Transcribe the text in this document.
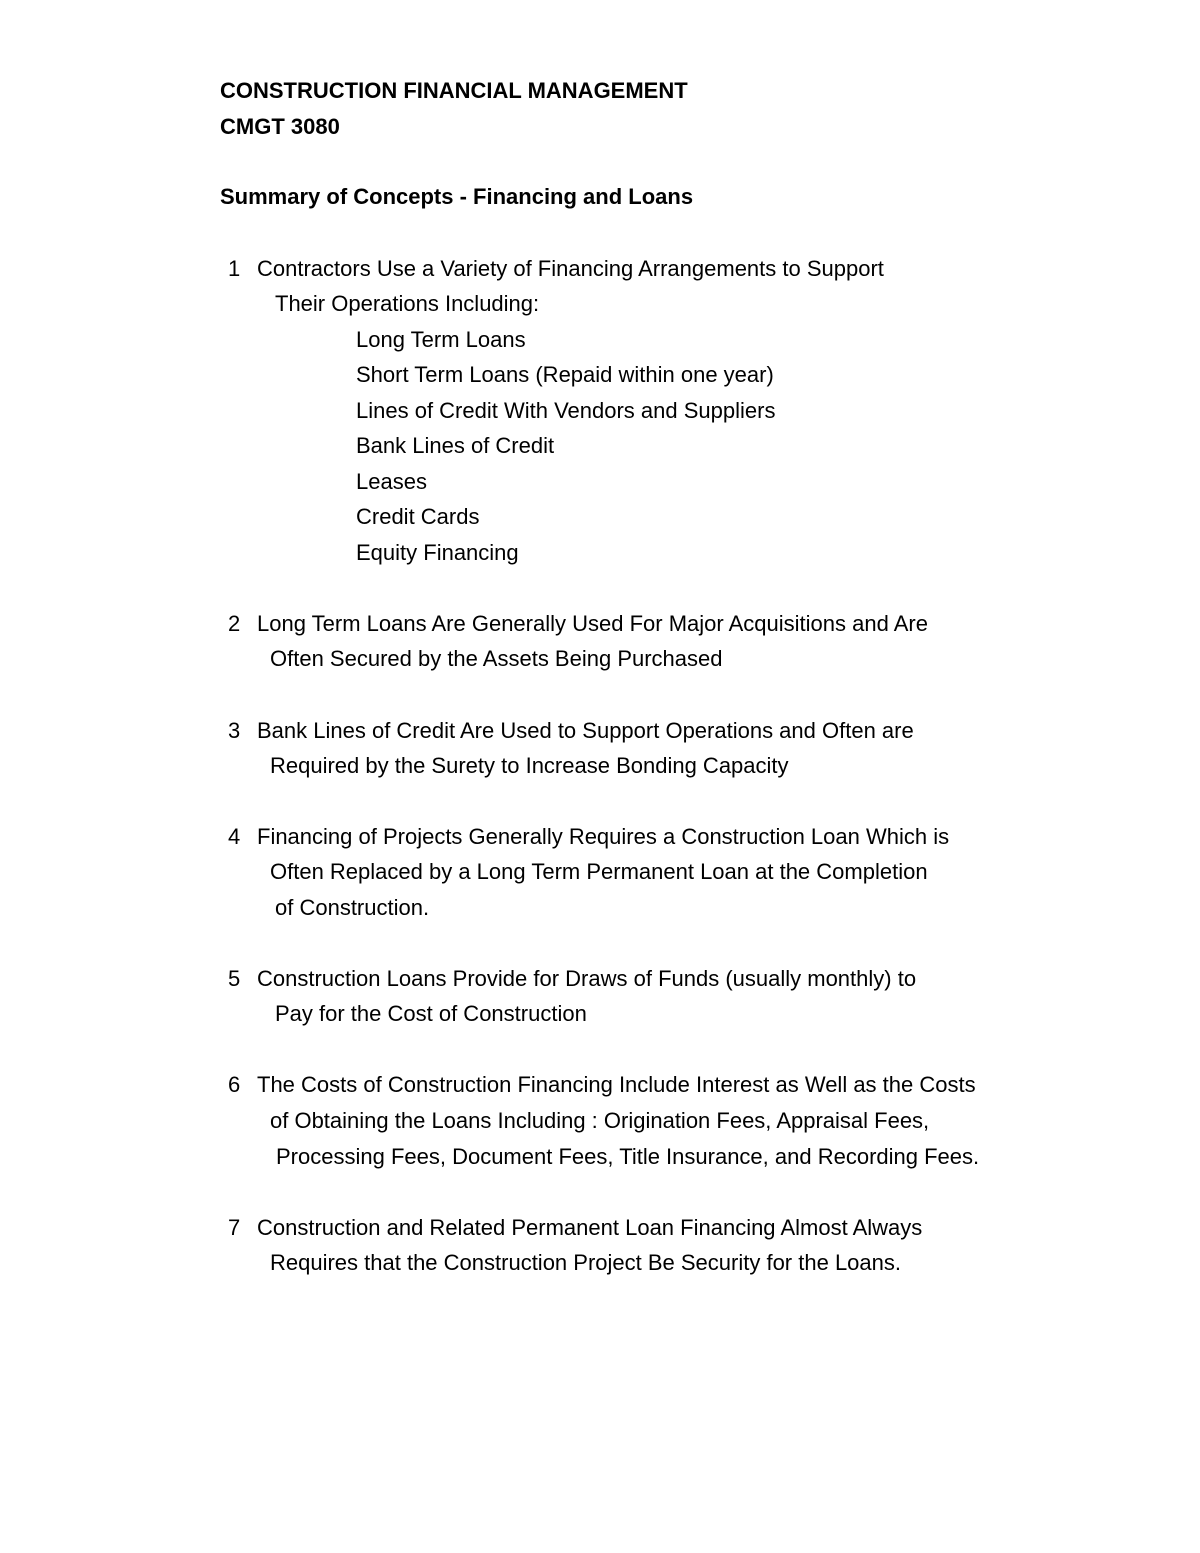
CONSTRUCTION FINANCIAL MANAGEMENT

CMGT 3080

Summary of Concepts - Financing and Loans

1 Contractors Use a Variety of Financing Arrangements to Support

Their Operations Including:

Long Term Loans

Short Term Loans (Repaid within one year)

Lines of Credit With Vendors and Suppliers

Bank Lines of Credit

Leases

Credit Cards

Equity Financing

2 Long Term Loans Are Generally Used For Major Acquisitions and Are

Often Secured by the Assets Being Purchased

3 Bank Lines of Credit Are Used to Support Operations and Often are

Required by the Surety to Increase Bonding Capacity

4 Financing of Projects Generally Requires a Construction Loan Which is

Often Replaced by a Long Term Permanent Loan at the Completion

of Construction.

5 Construction Loans Provide for Draws of Funds (usually monthly) to

Pay for the Cost of Construction

6 The Costs of Construction Financing Include Interest as Well as the Costs

of Obtaining the Loans Including : Origination Fees, Appraisal Fees,

Processing Fees, Document Fees, Title Insurance, and Recording Fees.

7 Construction and Related Permanent Loan Financing Almost Always

Requires that the Construction Project Be Security for the Loans.
